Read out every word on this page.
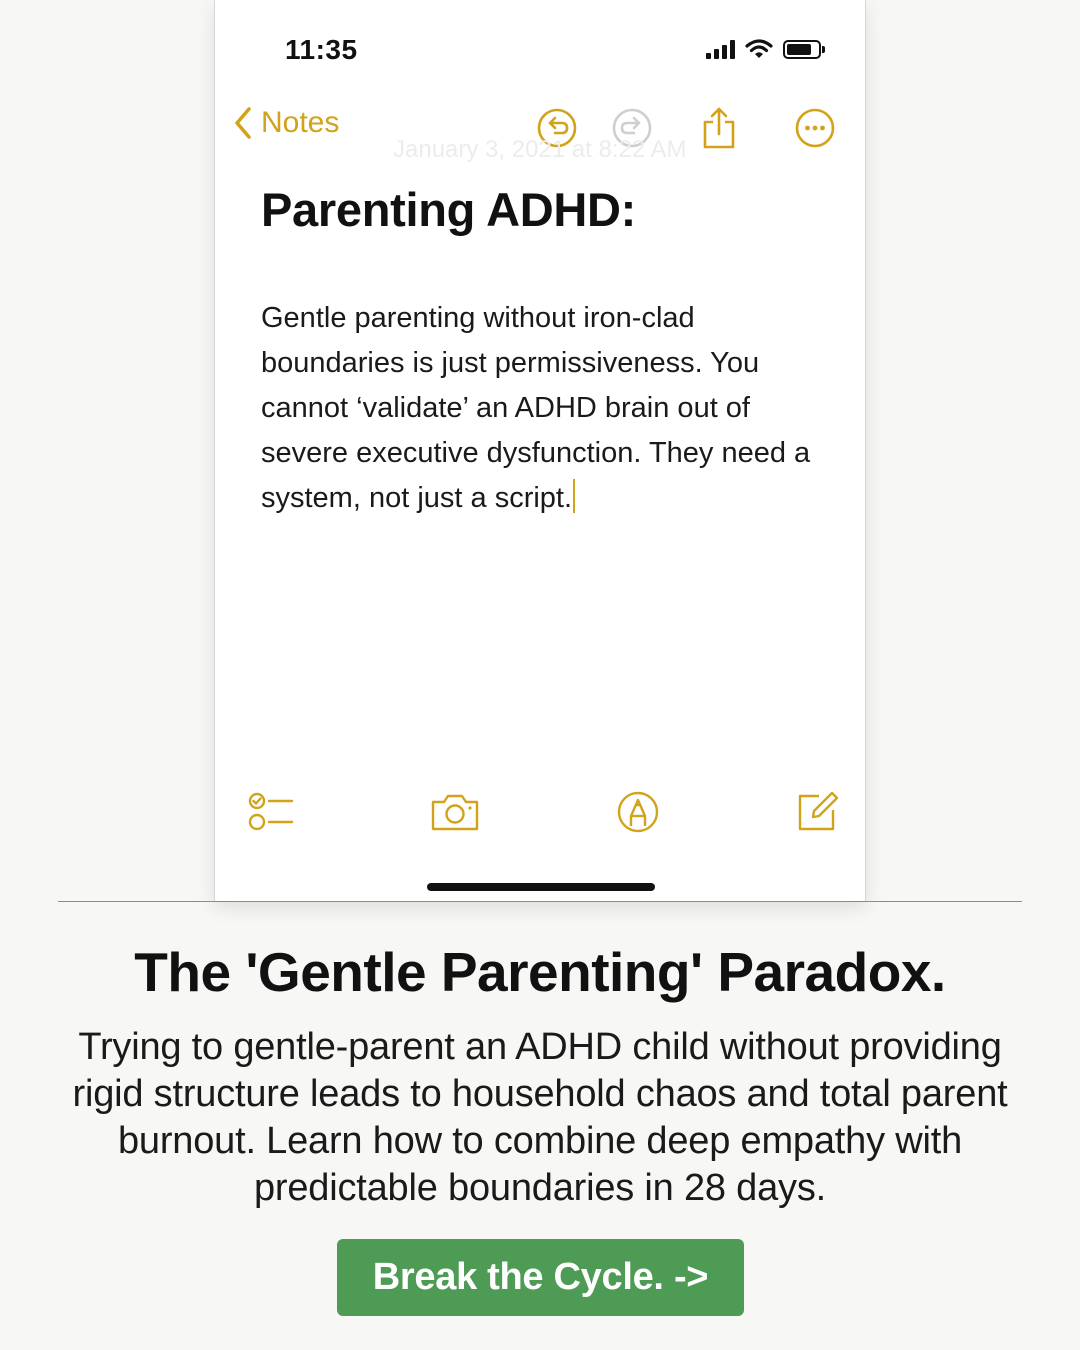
11:35
Notes
January 3, 2021 at 8:22 AM
Parenting ADHD:
Gentle parenting without iron-clad boundaries is just permissiveness. You cannot ‘validate’ an ADHD brain out of severe executive dysfunction. They need a system, not just a script.
The 'Gentle Parenting' Paradox.
Trying to gentle-parent an ADHD child without providing rigid structure leads to household chaos and total parent burnout. Learn how to combine deep empathy with predictable boundaries in 28 days.
Break the Cycle. ->
